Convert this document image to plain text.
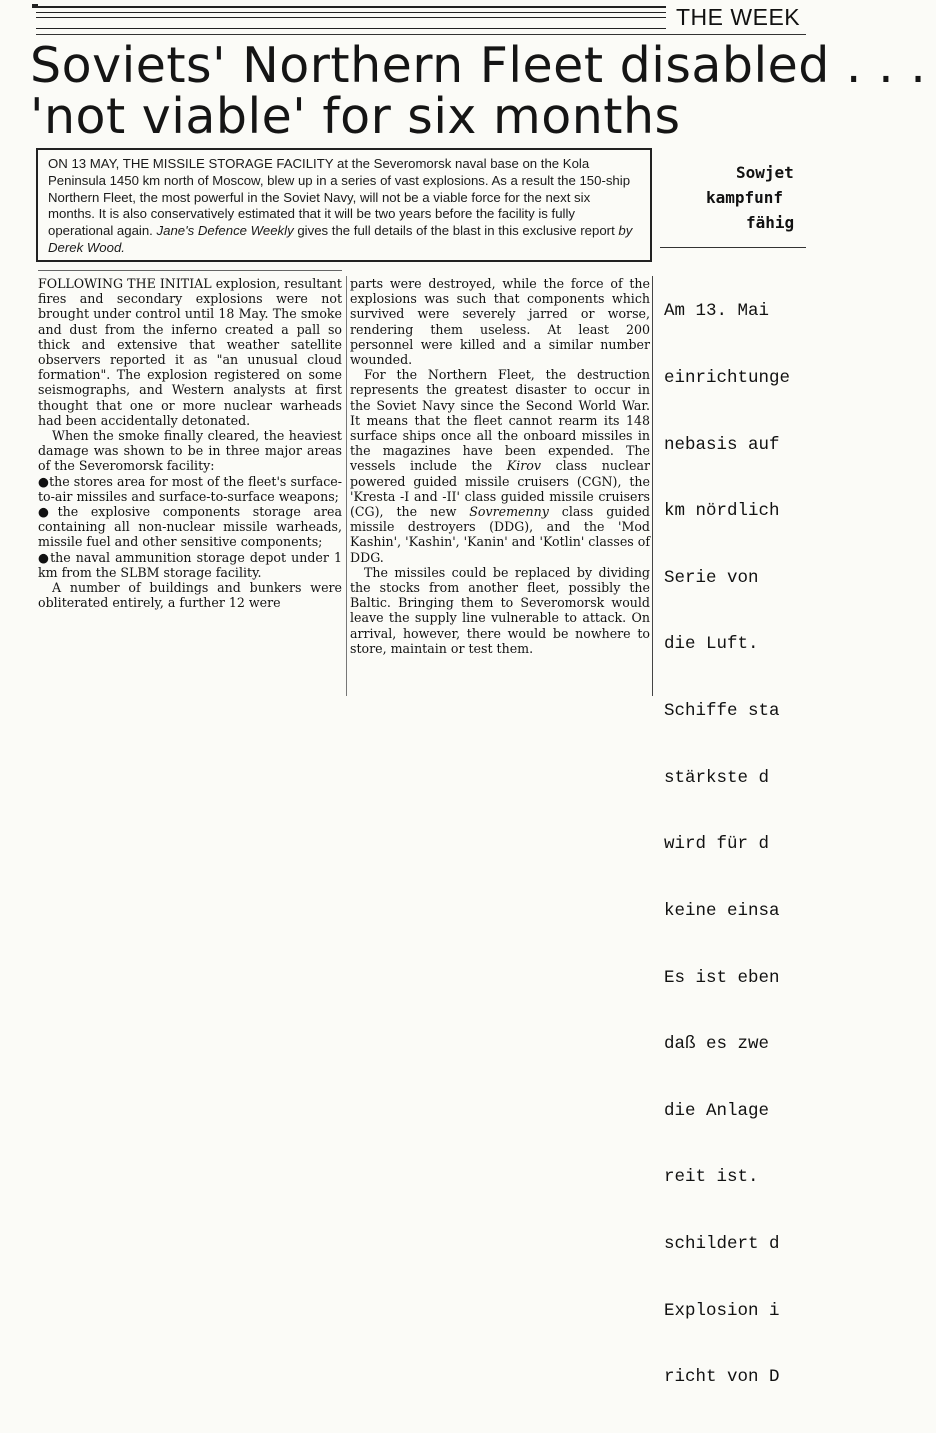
THE WEEK
Soviets' Northern Fleet disabled . . .
'not viable' for six months
ON 13 MAY, THE MISSILE STORAGE FACILITY at the Severomorsk naval base on the Kola Peninsula 1450 km north of Moscow, blew up in a series of vast explosions. As a result the 150-ship Northern Fleet, the most powerful in the Soviet Navy, will not be a viable force for the next six months. It is also conservatively estimated that it will be two years before the facility is fully operational again. Jane's Defence Weekly gives the full details of the blast in this exclusive report by Derek Wood.

FOLLOWING THE INITIAL explosion, resultant fires and secondary explosions were not brought under control until 18 May. The smoke and dust from the inferno created a pall so thick and extensive that weather satellite observers reported it as "an unusual cloud formation". The explosion registered on some seismographs, and Western analysts at first thought that one or more nuclear warheads had been accidentally detonated.

When the smoke finally cleared, the heaviest damage was shown to be in three major areas of the Severomorsk facility:

●the stores area for most of the fleet's surface-to-air missiles and surface-to-surface weapons;

●the explosive components storage area containing all non-nuclear missile warheads, missile fuel and other sensitive components;

●the naval ammunition storage depot under 1 km from the SLBM storage facility.

A number of buildings and bunkers were obliterated entirely, a further 12 were

parts were destroyed, while the force of the explosions was such that components which survived were severely jarred or worse, rendering them useless. At least 200 personnel were killed and a similar number wounded.

For the Northern Fleet, the destruction represents the greatest disaster to occur in the Soviet Navy since the Second World War. It means that the fleet cannot rearm its 148 surface ships once all the onboard missiles in the magazines have been expended. The vessels include the Kirov class nuclear powered guided missile cruisers (CGN), the 'Kresta -I and -II' class guided missile cruisers (CG), the new Sovremenny class guided missile destroyers (DDG), and the 'Mod Kashin', 'Kashin', 'Kanin' and 'Kotlin' classes of DDG.

The missiles could be replaced by dividing the stocks from another fleet, possibly the Baltic. Bringing them to Severomorsk would leave the supply line vulnerable to attack. On arrival, however, there would be nowhere to store, maintain or test them.

Sowjet
kampfunf
fähig

Am 13. Mai

einrichtunge

nebasis auf

km nördlich

Serie von

die Luft.

Schiffe sta

stärkste d

wird für d

keine einsa

Es ist eben

daß es zwe

die Anlage

reit ist.

schildert d

Explosion i

richt von D
